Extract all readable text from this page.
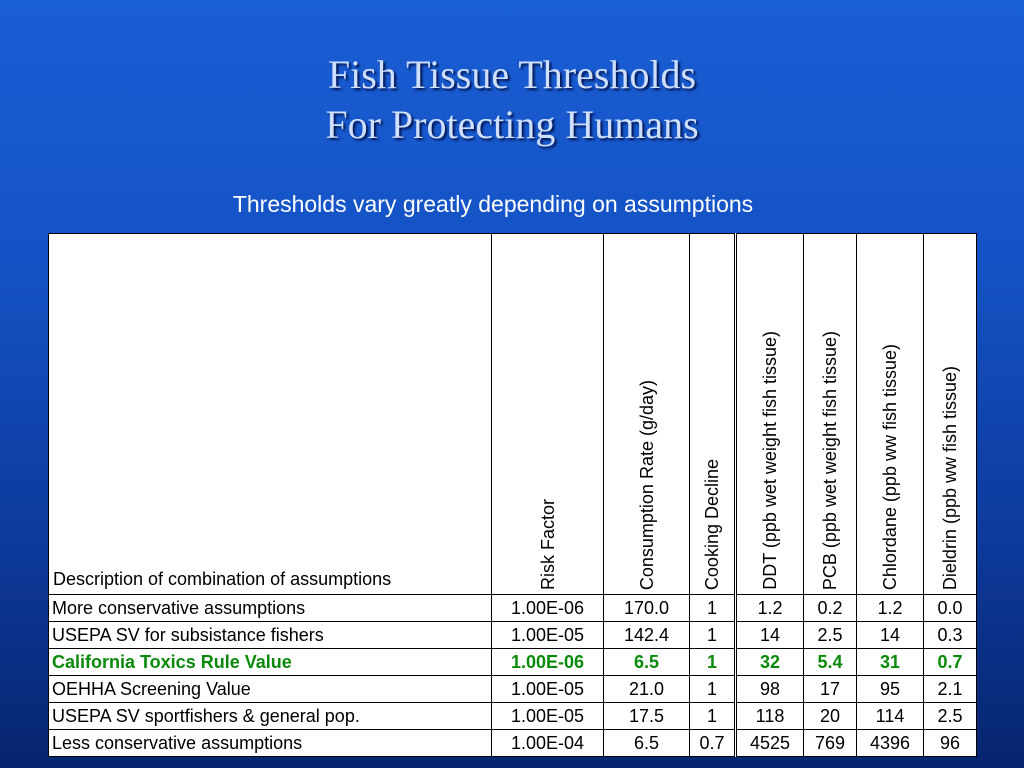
Fish Tissue Thresholds
For Protecting Humans
Thresholds vary greatly depending on assumptions
Description of combination of assumptions	Risk Factor	Consumption Rate (g/day)	Cooking Decline	DDT (ppb wet weight fish tissue)	PCB (ppb wet weight fish tissue)	Chlordane (ppb ww fish tissue)	Dieldrin (ppb ww fish tissue)

More conservative assumptions	1.00E-06	170.0	1	1.2	0.2	1.2	0.0
USEPA SV for subsistance fishers	1.00E-05	142.4	1	14	2.5	14	0.3
California Toxics Rule Value	1.00E-06	6.5	1	32	5.4	31	0.7
OEHHA Screening Value	1.00E-05	21.0	1	98	17	95	2.1
USEPA SV sportfishers & general pop.	1.00E-05	17.5	1	118	20	114	2.5
Less conservative assumptions	1.00E-04	6.5	0.7	4525	769	4396	96
